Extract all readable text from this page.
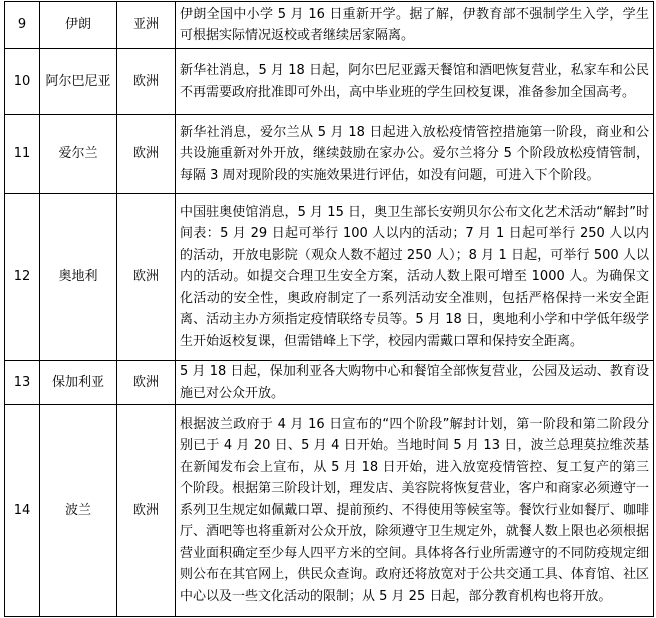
9	伊朗	亚洲	伊朗全国中小学 5 月 16 日重新开学。据了解，伊教育部不强制学生入学，学生可根据实际情况返校或者继续居家隔离。
10	阿尔巴尼亚	欧洲	新华社消息，5 月 18 日起，阿尔巴尼亚露天餐馆和酒吧恢复营业，私家车和公民不再需要政府批准即可外出，高中毕业班的学生回校复课，准备参加全国高考。
11	爱尔兰	欧洲	新华社消息，爱尔兰从 5 月 18 日起进入放松疫情管控措施第一阶段，商业和公共设施重新对外开放，继续鼓励在家办公。爱尔兰将分 5 个阶段放松疫情管制，每隔 3 周对现阶段的实施效果进行评估，如没有问题，可进入下个阶段。
12	奥地利	欧洲	中国驻奥使馆消息，5 月 15 日，奥卫生部长安朔贝尔公布文化艺术活动“解封”时间表：5 月 29 日起可举行 100 人以内的活动；7 月 1 日起可举行 250 人以内的活动，开放电影院（观众人数不超过 250 人）；8 月 1 日起，可举行 500 人以内的活动。如提交合理卫生安全方案，活动人数上限可增至 1000 人。为确保文化活动的安全性，奥政府制定了一系列活动安全准则，包括严格保持一米安全距离、活动主办方须指定疫情联络专员等。5 月 18 日，奥地利小学和中学低年级学生开始返校复课，但需错峰上下学，校园内需戴口罩和保持安全距离。
13	保加利亚	欧洲	5 月 18 日起，保加利亚各大购物中心和餐馆全部恢复营业，公园及运动、教育设施已对公众开放。
14	波兰	欧洲	根据波兰政府于 4 月 16 日宣布的“四个阶段”解封计划，第一阶段和第二阶段分别已于 4 月 20 日、5 月 4 日开始。当地时间 5 月 13 日，波兰总理莫拉维茨基在新闻发布会上宣布，从 5 月 18 日开始，进入放宽疫情管控、复工复产的第三个阶段。根据第三阶段计划，理发店、美容院将恢复营业，客户和商家必须遵守一系列卫生规定如佩戴口罩、提前预约、不得使用等候室等。餐饮行业如餐厅、咖啡厅、酒吧等也将重新对公众开放，除须遵守卫生规定外，就餐人数上限也必须根据营业面积确定至少每人四平方米的空间。具体将各行业所需遵守的不同防疫规定细则公布在其官网上，供民众查询。政府还将放宽对于公共交通工具、体育馆、社区中心以及一些文化活动的限制；从 5 月 25 日起，部分教育机构也将开放。
